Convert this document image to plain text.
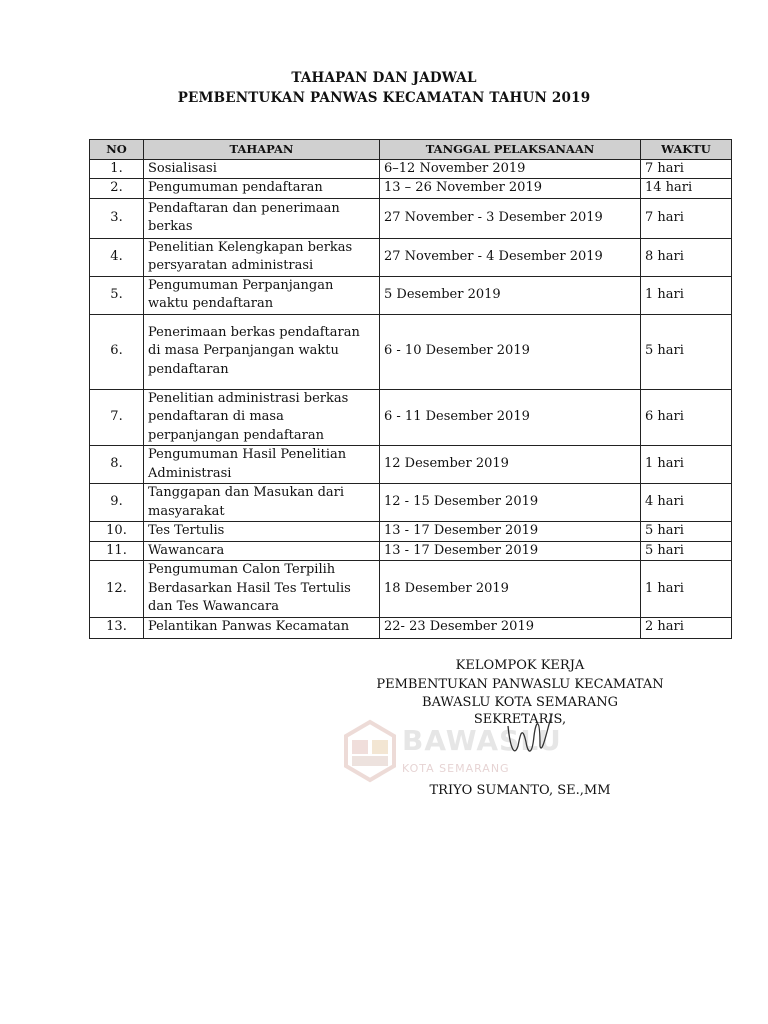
TAHAPAN DAN JADWAL
PEMBENTUKAN PANWAS KECAMATAN TAHUN 2019
NO	TAHAPAN	TANGGAL PELAKSANAAN	WAKTU
1.	Sosialisasi	6–12 November 2019	7 hari
2.	Pengumuman pendaftaran	13 – 26 November 2019	14 hari
3.	Pendaftaran dan penerimaan berkas	27 November - 3 Desember 2019	7 hari
4.	Penelitian Kelengkapan berkas persyaratan administrasi	27 November - 4 Desember 2019	8 hari
5.	Pengumuman Perpanjangan waktu pendaftaran	5 Desember 2019	1 hari
6.	Penerimaan berkas pendaftaran di masa Perpanjangan waktu pendaftaran	6 - 10 Desember 2019	5 hari
7.	Penelitian administrasi berkas pendaftaran di masa perpanjangan pendaftaran	6 - 11 Desember 2019	6 hari
8.	Pengumuman Hasil Penelitian Administrasi	12 Desember 2019	1 hari
9.	Tanggapan dan Masukan dari masyarakat	12 - 15 Desember 2019	4 hari
10.	Tes Tertulis	13 - 17 Desember 2019	5 hari
11.	Wawancara	13 - 17 Desember 2019	5 hari
12.	Pengumuman Calon Terpilih Berdasarkan Hasil Tes Tertulis dan Tes Wawancara	18 Desember 2019	1 hari
13.	Pelantikan Panwas Kecamatan	22- 23 Desember 2019	2 hari
BAWASLU
KOTA SEMARANG
KELOMPOK KERJA
PEMBENTUKAN PANWASLU KECAMATAN
BAWASLU KOTA SEMARANG
SEKRETARIS,
TRIYO SUMANTO, SE.,MM
